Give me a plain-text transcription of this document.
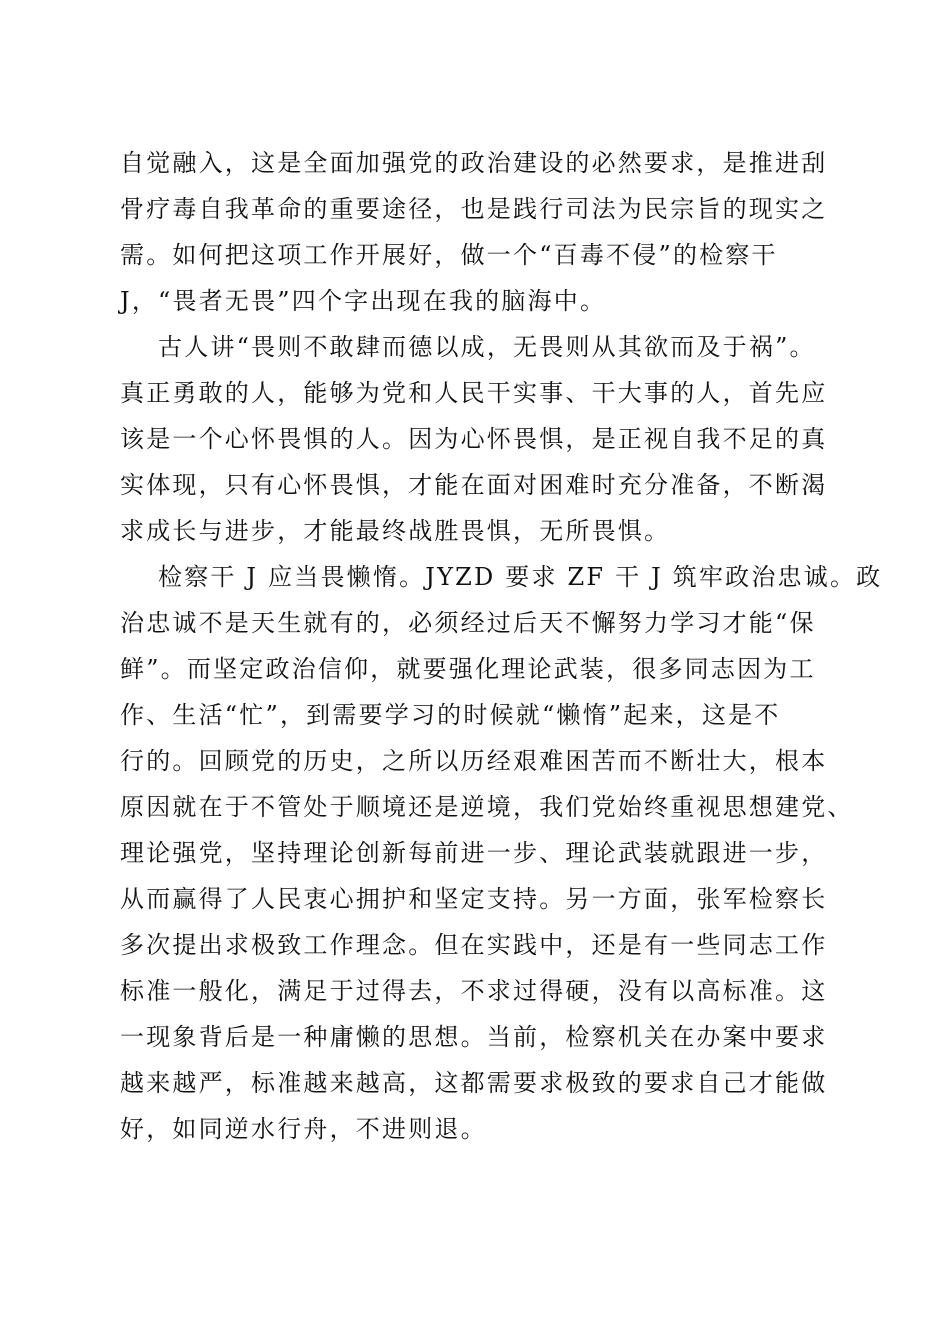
自觉融入，这是全面加强党的政治建设的必然要求，是推进刮
骨疗毒自我革命的重要途径，也是践行司法为民宗旨的现实之
需。如何把这项工作开展好，做一个“百毒不侵”的检察干
J，“畏者无畏”四个字出现在我的脑海中。
古人讲“畏则不敢肆而德以成，无畏则从其欲而及于祸”。
真正勇敢的人，能够为党和人民干实事、干大事的人，首先应
该是一个心怀畏惧的人。因为心怀畏惧，是正视自我不足的真
实体现，只有心怀畏惧，才能在面对困难时充分准备，不断渴
求成长与进步，才能最终战胜畏惧，无所畏惧。
检察干 J 应当畏懒惰。JYZD 要求 ZF 干 J 筑牢政治忠诚。政
治忠诚不是天生就有的，必须经过后天不懈努力学习才能“保
鲜”。而坚定政治信仰，就要强化理论武装，很多同志因为工
作、生活“忙”，到需要学习的时候就“懒惰”起来，这是不
行的。回顾党的历史，之所以历经艰难困苦而不断壮大，根本
原因就在于不管处于顺境还是逆境，我们党始终重视思想建党、
理论强党，坚持理论创新每前进一步、理论武装就跟进一步，
从而赢得了人民衷心拥护和坚定支持。另一方面，张军检察长
多次提出求极致工作理念。但在实践中，还是有一些同志工作
标准一般化，满足于过得去，不求过得硬，没有以高标准。这
一现象背后是一种庸懒的思想。当前，检察机关在办案中要求
越来越严，标准越来越高，这都需要求极致的要求自己才能做
好，如同逆水行舟，不进则退。
